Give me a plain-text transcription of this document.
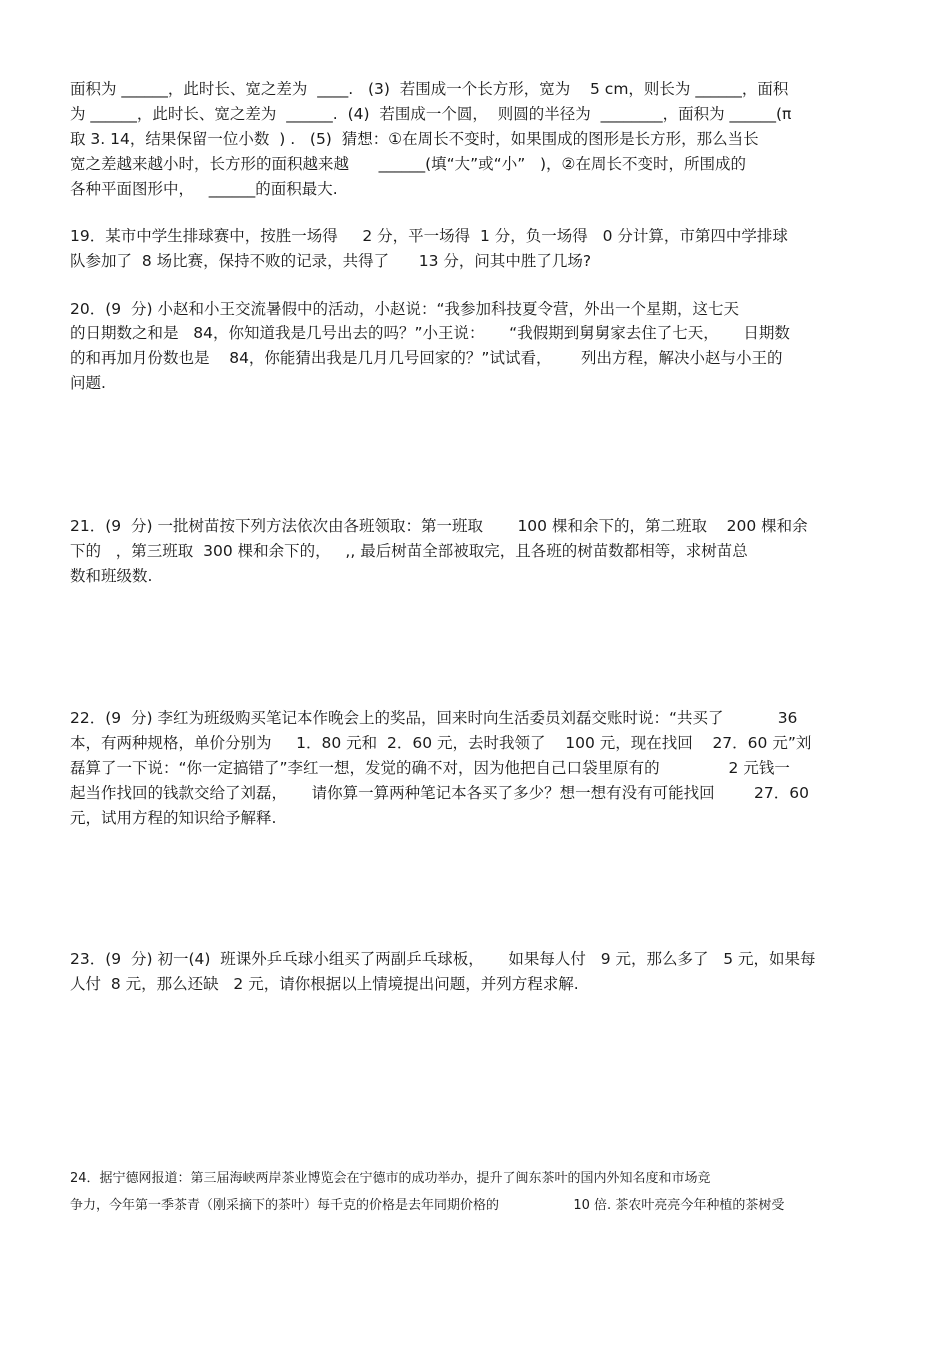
面积为 ______，此时长、宽之差为  ____.   (3)  若围成一个长方形，宽为    5 cm，则长为 ______，面积
为 ______，此时长、宽之差为  ______.  (4)  若围成一个圆，  则圆的半径为  ________，面积为 ______(π
取 3. 14，结果保留一位小数  ) .   (5)  猜想：①在周长不变时，如果围成的图形是长方形，那么当长
宽之差越来越小时，长方形的面积越来越      ______(填“大”或“小”   )，②在周长不变时，所围成的
各种平面图形中，   ______的面积最大.
19．某市中学生排球赛中，按胜一场得     2 分，平一场得  1 分，负一场得   0 分计算，市第四中学排球
队参加了  8 场比赛，保持不败的记录，共得了      13 分，问其中胜了几场?
20．(9  分) 小赵和小王交流暑假中的活动，小赵说：“我参加科技夏令营，外出一个星期，这七天
的日期数之和是   84，你知道我是几号出去的吗？”小王说：     “我假期到舅舅家去住了七天，     日期数
的和再加月份数也是    84，你能猜出我是几月几号回家的？”试试看，      列出方程，解决小赵与小王的
问题.
21．(9  分) 一批树苗按下列方法依次由各班领取：第一班取       100 棵和余下的，第二班取    200 棵和余
下的   ，第三班取  300 棵和余下的，   ,, 最后树苗全部被取完，且各班的树苗数都相等，求树苗总
数和班级数.
22．(9  分) 李红为班级购买笔记本作晚会上的奖品，回来时向生活委员刘磊交账时说：“共买了           36
本，有两种规格，单价分别为     1．80 元和  2．60 元，去时我领了    100 元，现在找回    27．60 元”刘
磊算了一下说：“你一定搞错了”李红一想，发觉的确不对，因为他把自己口袋里原有的              2 元钱一
起当作找回的钱款交给了刘磊，     请你算一算两种笔记本各买了多少？想一想有没有可能找回        27．60
元，试用方程的知识给予解释.
23．(9  分) 初一(4)  班课外乒乓球小组买了两副乒乓球板，     如果每人付   9 元，那么多了   5 元，如果每
人付  8 元，那么还缺   2 元，请你根据以上情境提出问题，并列方程求解.
24．据宁德网报道：第三届海峡两岸茶业博览会在宁德市的成功举办，提升了闽东茶叶的国内外知名度和市场竞
争力，今年第一季茶青（刚采摘下的茶叶）每千克的价格是去年同期价格的                  10 倍. 茶农叶亮亮今年种植的茶树受
